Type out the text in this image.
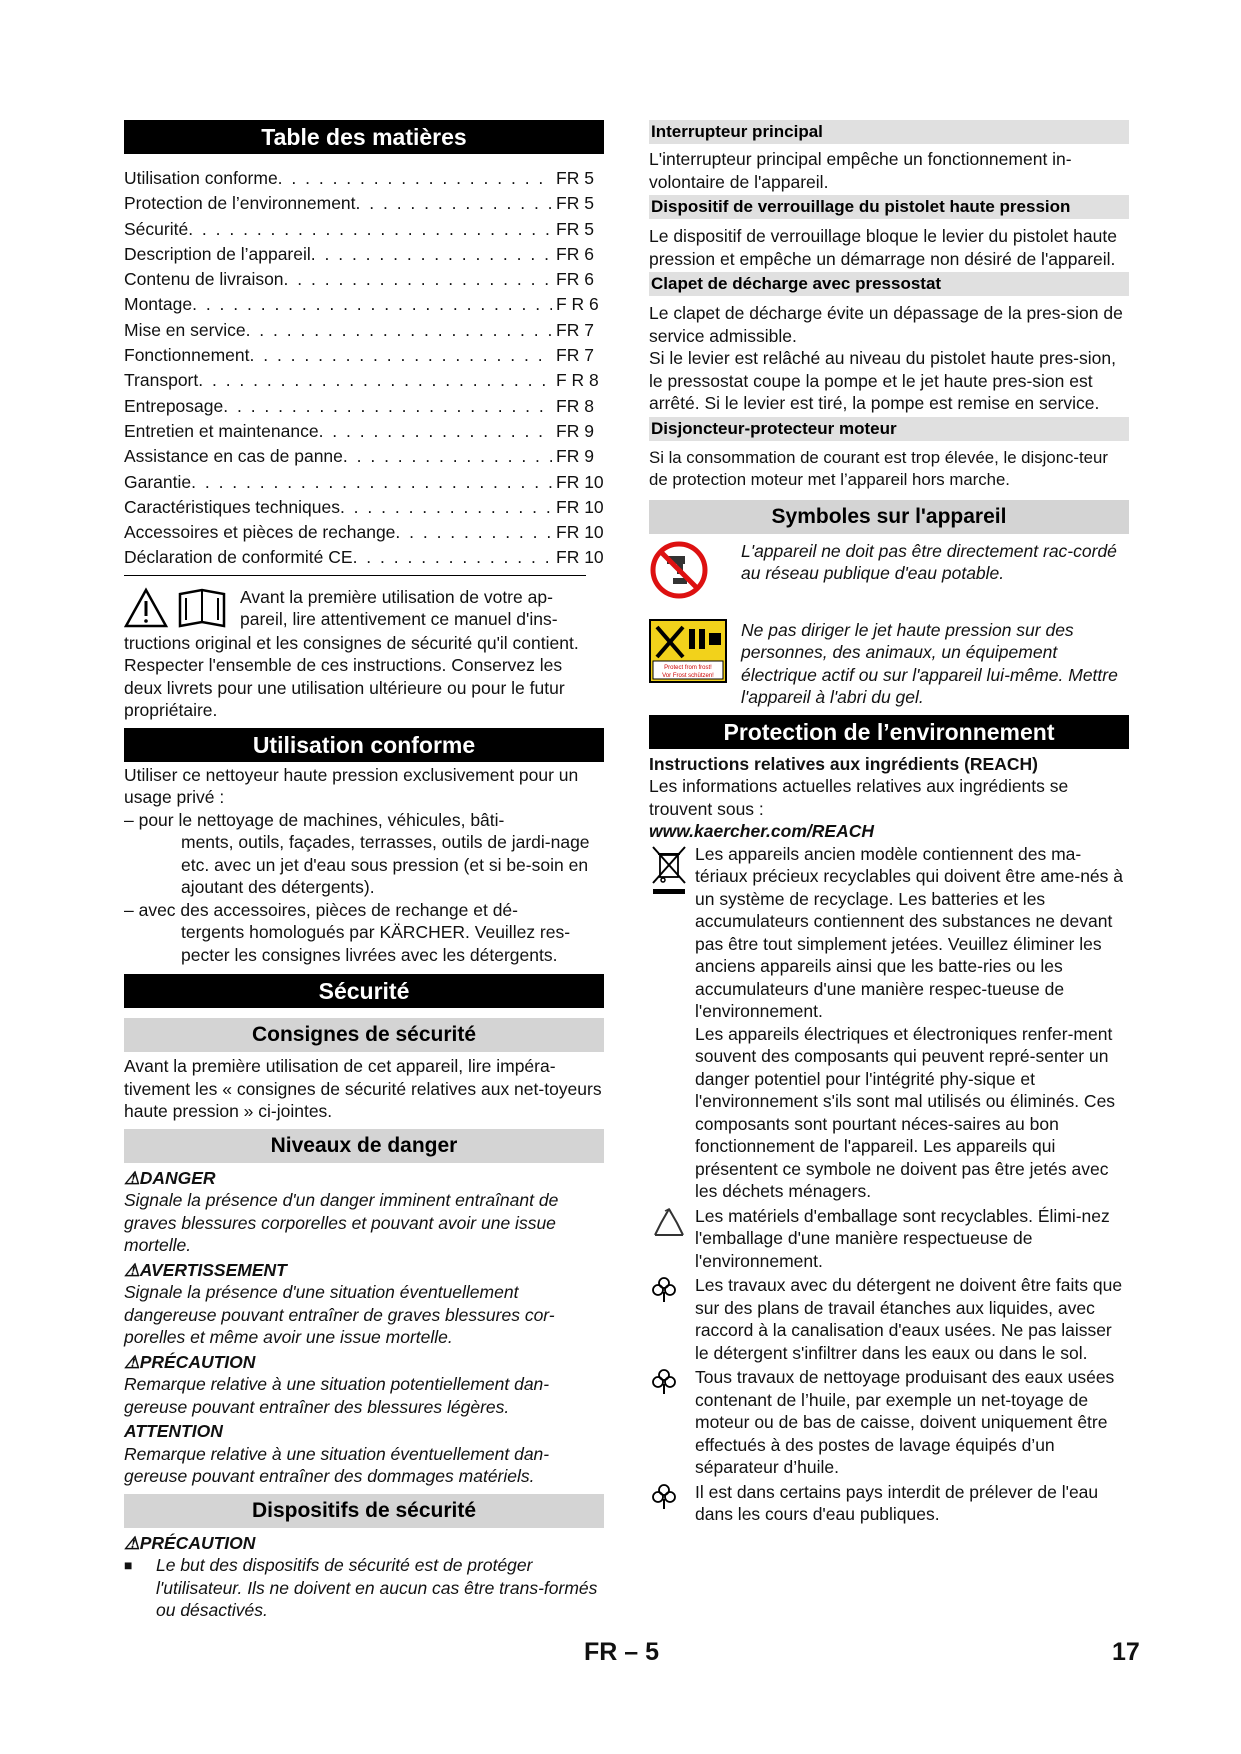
Table des matières
Utilisation conforme . . .	FR 5
Protection de l’environnement . . .	FR 5
Sécurité . . .	FR 5
Description de l’appareil . . .	FR 6
Contenu de livraison . . .	FR 6
Montage . . .	F R 6
Mise en service . . .	FR 7
Fonctionnement . . .	FR 7
Transport . . .	F R 8
Entreposage . . .	FR 8
Entretien et maintenance . . .	FR 9
Assistance en cas de panne . . .	FR 9
Garantie . . .	FR 10
Caractéristiques techniques . . .	FR 10
Accessoires et pièces de rechange . . .	FR 10
Déclaration de conformité CE . . .	FR 10

Avant la première utilisation de votre ap-

pareil, lire attentivement ce manuel d'ins-

tructions original et les consignes de sécurité qu'il contient. Respecter l'ensemble de ces instructions. Conservez les deux livrets pour une utilisation ultérieure ou pour le futur propriétaire.

Utilisation conforme

Utiliser ce nettoyeur haute pression exclusivement pour un usage privé :

– pour le nettoyage de machines, véhicules, bâti-
ments, outils, façades, terrasses, outils de jardi-nage etc. avec un jet d'eau sous pression (et si be-soin en ajoutant des détergents).

– avec des accessoires, pièces de rechange et dé-
tergents homologués par KÄRCHER. Veuillez res-pecter les consignes livrées avec les détergents.

Sécurité
Consignes de sécurité

Avant la première utilisation de cet appareil, lire impéra-tivement les « consignes de sécurité relatives aux net-toyeurs haute pression » ci-jointes.

Niveaux de danger

⚠DANGER

Signale la présence d'un danger imminent entraînant de graves blessures corporelles et pouvant avoir une issue mortelle.

⚠AVERTISSEMENT

Signale la présence d'une situation éventuellement dangereuse pouvant entraîner de graves blessures cor-porelles et même avoir une issue mortelle.

⚠PRÉCAUTION

Remarque relative à une situation potentiellement dan-gereuse pouvant entraîner des blessures légères.

ATTENTION

Remarque relative à une situation éventuellement dan-gereuse pouvant entraîner des dommages matériels.

Dispositifs de sécurité

⚠PRÉCAUTION

■	Le but des dispositifs de sécurité est de protéger l'utilisateur. Ils ne doivent en aucun cas être trans-formés ou désactivés.

Interrupteur principal

L'interrupteur principal empêche un fonctionnement in-volontaire de l'appareil.

Dispositif de verrouillage du pistolet haute pression

Le dispositif de verrouillage bloque le levier du pistolet haute pression et empêche un démarrage non désiré de l'appareil.

Clapet de décharge avec pressostat

Le clapet de décharge évite un dépassage de la pres-sion de service admissible.

Si le levier est relâché au niveau du pistolet haute pres-sion, le pressostat coupe la pompe et le jet haute pres-sion est arrêté. Si le levier est tiré, la pompe est remise en service.

Disjoncteur-protecteur moteur

Si la consommation de courant est trop élevée, le disjonc-teur de protection moteur met l’appareil hors marche.

Symboles sur l'appareil

L'appareil ne doit pas être directement rac-cordé au réseau publique d'eau potable.

Protect from frost!
Vor Frost schützen!

Ne pas diriger le jet haute pression sur des personnes, des animaux, un équipement électrique actif ou sur l'appareil lui-même. Mettre l'appareil à l'abri du gel.

Protection de l’environnement

Instructions relatives aux ingrédients (REACH)

Les informations actuelles relatives aux ingrédients se trouvent sous :

www.kaercher.com/REACH

Les appareils ancien modèle contiennent des ma-tériaux précieux recyclables qui doivent être ame-nés à un système de recyclage. Les batteries et les accumulateurs contiennent des substances ne devant pas être tout simplement jetées. Veuillez éliminer les anciens appareils ainsi que les batte-ries ou les accumulateurs d'une manière respec-tueuse de l'environnement.

Les appareils électriques et électroniques renfer-ment souvent des composants qui peuvent repré-senter un danger potentiel pour l'intégrité phy-sique et l'environnement s'ils sont mal utilisés ou éliminés. Ces composants sont pourtant néces-saires au bon fonctionnement de l'appareil. Les appareils qui présentent ce symbole ne doivent pas être jetés avec les déchets ménagers.

Les matériels d'emballage sont recyclables. Élimi-nez l'emballage d'une manière respectueuse de l'environnement.

Les travaux avec du détergent ne doivent être faits que sur des plans de travail étanches aux liquides, avec raccord à la canalisation d'eaux usées. Ne pas laisser le détergent s'infiltrer dans les eaux ou dans le sol.

Tous travaux de nettoyage produisant des eaux usées contenant de l’huile, par exemple un net-toyage de moteur ou de bas de caisse, doivent uniquement être effectués à des postes de lavage équipés d’un séparateur d’huile.

Il est dans certains pays interdit de prélever de l'eau dans les cours d'eau publiques.

FR – 5	17
